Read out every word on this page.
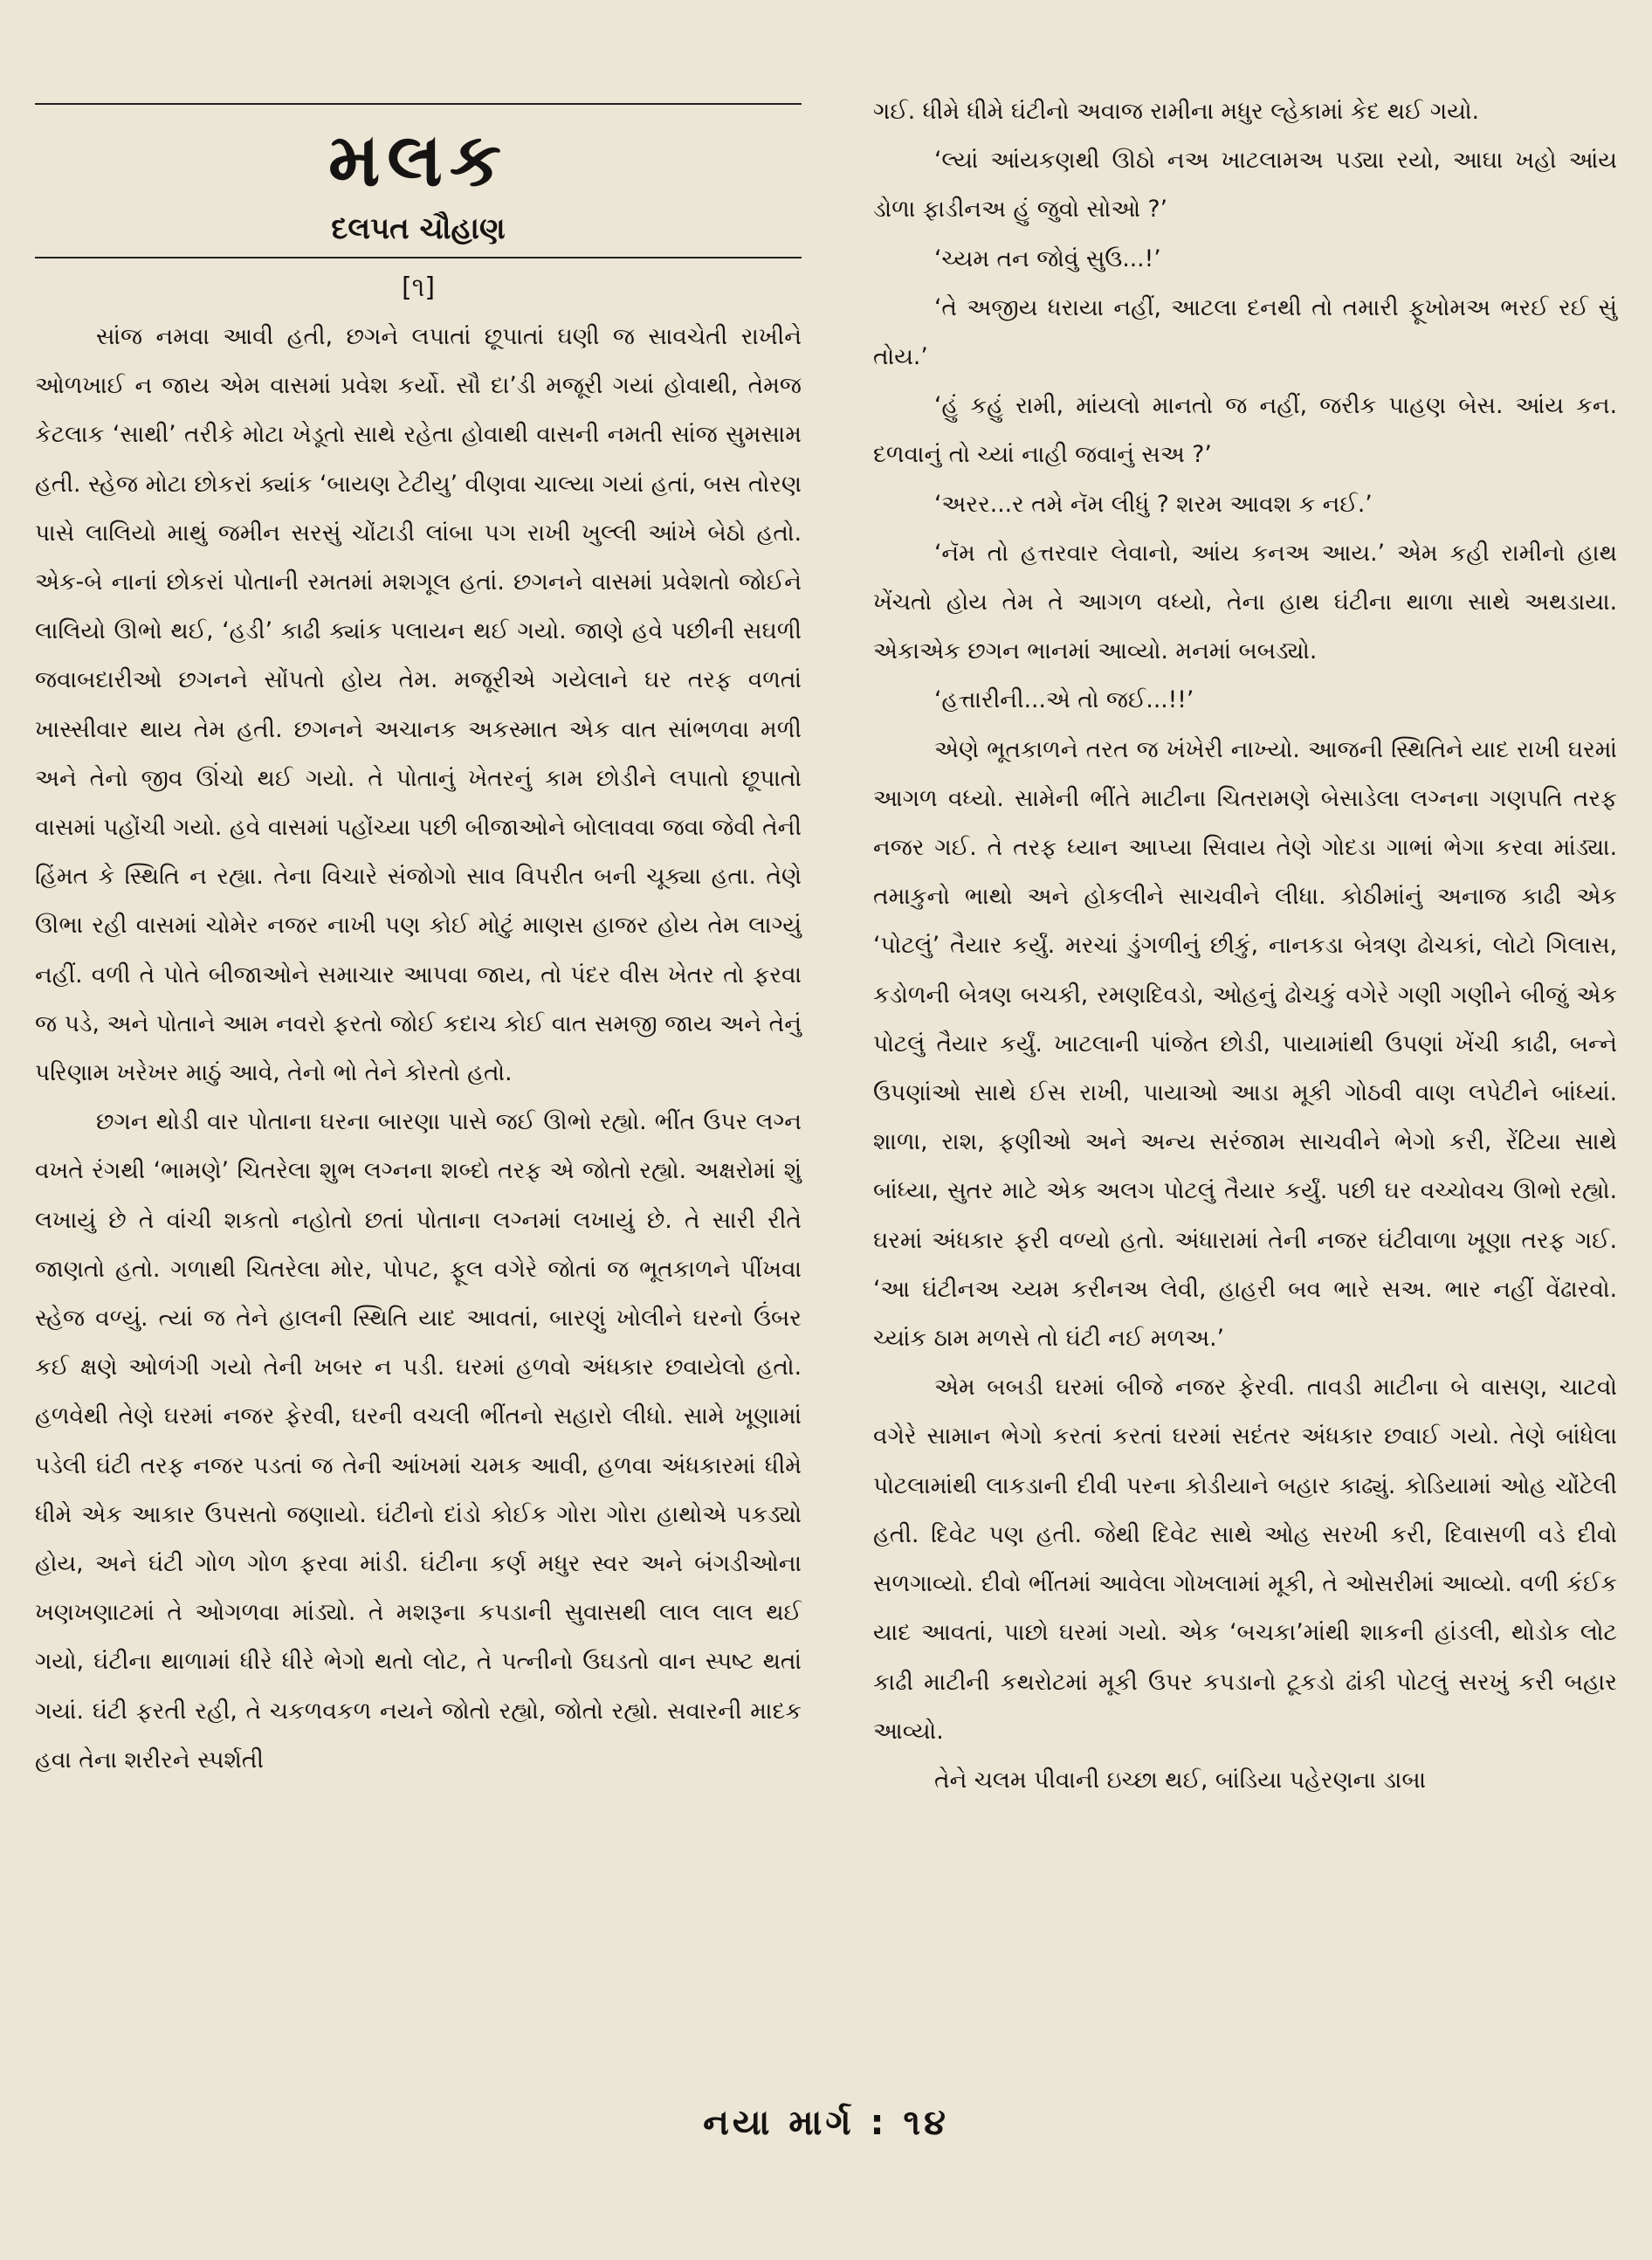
મલક
દલપત ચૌહાણ
[૧]

સાંજ નમવા આવી હતી, છગને લપાતાં છૂપાતાં ઘણી જ સાવચેતી રાખીને ઓળખાઈ ન જાય એમ વાસમાં પ્રવેશ કર્યો. સૌ દા’ડી મજૂરી ગયાં હોવાથી, તેમજ કેટલાક ‘સાથી’ તરીકે મોટા ખેડૂતો સાથે રહેતા હોવાથી વાસની નમતી સાંજ સુમસામ હતી. સ્હેજ મોટા છોકરાં ક્યાંક ‘બાયણ ટેટીયુ’ વીણવા ચાલ્યા ગયાં હતાં, બસ તોરણ પાસે લાલિયો માથું જમીન સરસું ચોંટાડી લાંબા પગ રાખી ખુલ્લી આંખે બેઠો હતો. એક-બે નાનાં છોકરાં પોતાની રમતમાં મશગૂલ હતાં. છગનને વાસમાં પ્રવેશતો જોઈને લાલિયો ઊભો થઈ, ‘હડી’ કાઢી ક્યાંક પલાયન થઈ ગયો. જાણે હવે પછીની સઘળી જવાબદારીઓ છગનને સોંપતો હોય તેમ. મજૂરીએ ગયેલાને ઘર તરફ વળતાં ખાસ્સીવાર થાય તેમ હતી. છગનને અચાનક અકસ્માત એક વાત સાંભળવા મળી અને તેનો જીવ ઊંચો થઈ ગયો. તે પોતાનું ખેતરનું કામ છોડીને લપાતો છૂપાતો વાસમાં પહોંચી ગયો. હવે વાસમાં પહોંચ્યા પછી બીજાઓને બોલાવવા જવા જેવી તેની હિંમત કે સ્થિતિ ન રહ્યા. તેના વિચારે સંજોગો સાવ વિપરીત બની ચૂક્યા હતા. તેણે ઊભા રહી વાસમાં ચોમેર નજર નાખી પણ કોઈ મોટું માણસ હાજર હોય તેમ લાગ્યું નહીં. વળી તે પોતે બીજાઓને સમાચાર આપવા જાય, તો પંદર વીસ ખેતર તો ફરવા જ પડે, અને પોતાને આમ નવરો ફરતો જોઈ કદાચ કોઈ વાત સમજી જાય અને તેનું પરિણામ ખરેખર માઠું આવે, તેનો ભો તેને કોરતો હતો.

છગન થોડી વાર પોતાના ઘરના બારણા પાસે જઈ ઊભો રહ્યો. ભીંત ઉપર લગ્ન વખતે રંગથી ‘ભામણે’ ચિતરેલા શુભ લગ્નના શબ્દો તરફ એ જોતો રહ્યો. અક્ષરોમાં શું લખાયું છે તે વાંચી શકતો નહોતો છતાં પોતાના લગ્નમાં લખાયું છે. તે સારી રીતે જાણતો હતો. ગળાથી ચિતરેલા મોર, પોપટ, ફૂલ વગેરે જોતાં જ ભૂતકાળને પીંખવા સ્હેજ વળ્યું. ત્યાં જ તેને હાલની સ્થિતિ યાદ આવતાં, બારણું ખોલીને ઘરનો ઉંબર કઈ ક્ષણે ઓળંગી ગયો તેની ખબર ન પડી. ઘરમાં હળવો અંધકાર છવાયેલો હતો. હળવેથી તેણે ઘરમાં નજર ફેરવી, ઘરની વચલી ભીંતનો સહારો લીધો. સામે ખૂણામાં પડેલી ઘંટી તરફ નજર પડતાં જ તેની આંખમાં ચમક આવી, હળવા અંધકારમાં ધીમે ધીમે એક આકાર ઉપસતો જણાયો. ઘંટીનો દાંડો કોઈક ગોરા ગોરા હાથોએ પકડ્યો હોય, અને ઘંટી ગોળ ગોળ ફરવા માંડી. ઘંટીના કર્ણ મધુર સ્વર અને બંગડીઓના ખણખણાટમાં તે ઓગળવા માંડ્યો. તે મશરૂના કપડાની સુવાસથી લાલ લાલ થઈ ગયો, ઘંટીના થાળામાં ધીરે ધીરે ભેગો થતો લોટ, તે પત્નીનો ઉઘડતો વાન સ્પષ્ટ થતાં ગયાં. ઘંટી ફરતી રહી, તે ચકળવકળ નયને જોતો રહ્યો, જોતો રહ્યો. સવારની માદક હવા તેના શરીરને સ્પર્શતી

ગઈ. ધીમે ધીમે ઘંટીનો અવાજ રામીના મધુર લ્હેકામાં કેદ થઈ ગયો.

‘લ્યાં આંયકણથી ઊઠો નઅ ખાટલામઅ પડ્યા રયો, આઘા ખહો આંય ડોળા ફાડીનઅ હું જુવો સોઓ ?’

‘ચ્યમ તન જોવું સુઉ...!’

‘તે અજીય ધરાયા નહીં, આટલા દનથી તો તમારી ફૂખોમઅ ભરઈ રઈ સું તોય.’

‘હું કહું રામી, માંયલો માનતો જ નહીં, જરીક પાહણ બેસ. આંય કન. દળવાનું તો ચ્યાં નાહી જવાનું સઅ ?’

‘અરર...ર તમે નૅમ લીધું ? શરમ આવશ ક નઈ.’

‘નૅમ તો હત્તરવાર લેવાનો, આંય કનઅ આય.’ એમ કહી રામીનો હાથ ખેંચતો હોય તેમ તે આગળ વધ્યો, તેના હાથ ઘંટીના થાળા સાથે અથડાયા. એકાએક છગન ભાનમાં આવ્યો. મનમાં બબડ્યો.

‘હત્તારીની...એ તો જઈ...!!’

એણે ભૂતકાળને તરત જ ખંખેરી નાખ્યો. આજની સ્થિતિને યાદ રાખી ઘરમાં આગળ વધ્યો. સામેની ભીંતે માટીના ચિતરામણે બેસાડેલા લગ્નના ગણપતિ તરફ નજર ગઈ. તે તરફ ધ્યાન આપ્યા સિવાય તેણે ગોદડા ગાભાં ભેગા કરવા માંડ્યા. તમાકુનો ભાથો અને હોકલીને સાચવીને લીધા. કોઠીમાંનું અનાજ કાઢી એક ‘પોટલું’ તૈયાર કર્યું. મરચાં ડુંગળીનું છીકું, નાનકડા બેત્રણ ઢોચકાં, લોટો ગિલાસ, કડોળની બેત્રણ બચકી, રમણદિવડો, ઓહનું ઢોચકું વગેરે ગણી ગણીને બીજું એક પોટલું તૈયાર કર્યું. ખાટલાની પાંજેત છોડી, પાયામાંથી ઉપણાં ખેંચી કાઢી, બન્ને ઉપણાંઓ સાથે ઈસ રાખી, પાયાઓ આડા મૂકી ગોઠવી વાણ લપેટીને બાંધ્યાં. શાળા, રાશ, ફણીઓ અને અન્ય સરંજામ સાચવીને ભેગો કરી, રેંટિયા સાથે બાંધ્યા, સુતર માટે એક અલગ પોટલું તૈયાર કર્યું. પછી ઘર વચ્ચોવચ ઊભો રહ્યો. ઘરમાં અંધકાર ફરી વળ્યો હતો. અંધારામાં તેની નજર ઘંટીવાળા ખૂણા તરફ ગઈ. ‘આ ઘંટીનઅ ચ્યમ કરીનઅ લેવી, હાહરી બવ ભારે સઅ. ભાર નહીં વેંઢારવો. ચ્યાંક ઠામ મળસે તો ઘંટી નઈ મળઅ.’

એમ બબડી ઘરમાં બીજે નજર ફેરવી. તાવડી માટીના બે વાસણ, ચાટવો વગેરે સામાન ભેગો કરતાં કરતાં ઘરમાં સદંતર અંધકાર છવાઈ ગયો. તેણે બાંધેલા પોટલામાંથી લાકડાની દીવી પરના કોડીયાને બહાર કાઢ્યું. કોડિયામાં ઓહ ચોંટેલી હતી. દિવેટ પણ હતી. જેથી દિવેટ સાથે ઓહ સરખી કરી, દિવાસળી વડે દીવો સળગાવ્યો. દીવો ભીંતમાં આવેલા ગોખલામાં મૂકી, તે ઓસરીમાં આવ્યો. વળી કંઈક યાદ આવતાં, પાછો ઘરમાં ગયો. એક ‘બચકા’માંથી શાકની હાંડલી, થોડોક લોટ કાઢી માટીની કથરોટમાં મૂકી ઉપર કપડાનો ટૂકડો ઢાંકી પોટલું સરખું કરી બહાર આવ્યો.

તેને ચલમ પીવાની ઇચ્છા થઈ, બાંડિયા પહેરણના ડાબા

નયા માર્ગ : ૧૪
